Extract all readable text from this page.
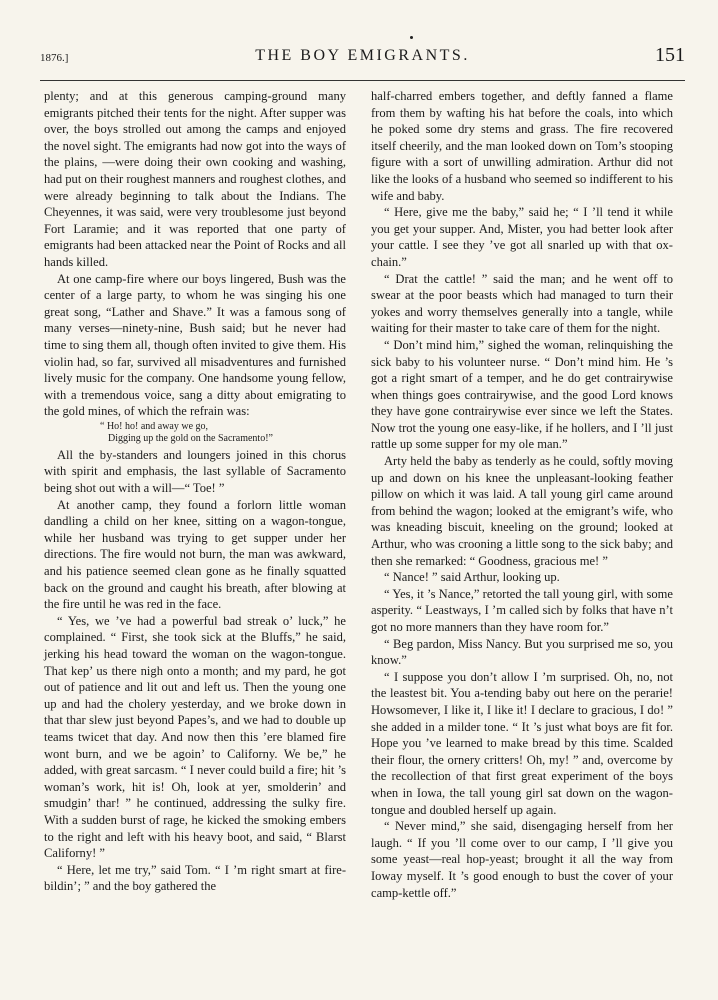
1876.]	THE BOY EMIGRANTS.	151

plenty; and at this generous camping-ground many emigrants pitched their tents for the night. After supper was over, the boys strolled out among the camps and enjoyed the novel sight. The emigrants had now got into the ways of the plains, —were doing their own cooking and washing, had put on their roughest manners and roughest clothes, and were already beginning to talk about the Indians. The Cheyennes, it was said, were very troublesome just beyond Fort Laramie; and it was reported that one party of emigrants had been attacked near the Point of Rocks and all hands killed.

At one camp-fire where our boys lingered, Bush was the center of a large party, to whom he was singing his one great song, “Lather and Shave.” It was a famous song of many verses—ninety-nine, Bush said; but he never had time to sing them all, though often invited to give them. His violin had, so far, survived all misadventures and furnished lively music for the company. One handsome young fellow, with a tremendous voice, sang a ditty about emigrating to the gold mines, of which the refrain was:

“ Ho! ho! and away we go,
Digging up the gold on the Sacramento!”

All the by-standers and loungers joined in this chorus with spirit and emphasis, the last syllable of Sacramento being shot out with a will—“ Toe! ”

At another camp, they found a forlorn little woman dandling a child on her knee, sitting on a wagon-tongue, while her husband was trying to get supper under her directions. The fire would not burn, the man was awkward, and his patience seemed clean gone as he finally squatted back on the ground and caught his breath, after blowing at the fire until he was red in the face.

“ Yes, we ’ve had a powerful bad streak o’ luck,” he complained. “ First, she took sick at the Bluffs,” he said, jerking his head toward the woman on the wagon-tongue. That kep’ us there nigh onto a month; and my pard, he got out of patience and lit out and left us. Then the young one up and had the cholery yesterday, and we broke down in that thar slew just beyond Papes’s, and we had to double up teams twicet that day. And now then this ’ere blamed fire wont burn, and we be agoin’ to Californy. We be,” he added, with great sarcasm. “ I never could build a fire; hit ’s woman’s work, hit is! Oh, look at yer, smolderin’ and smudgin’ thar! ” he continued, addressing the sulky fire. With a sudden burst of rage, he kicked the smoking embers to the right and left with his heavy boot, and said, “ Blarst Californy! ”

“ Here, let me try,” said Tom. “ I ’m right smart at fire-bildin’; ” and the boy gathered the

half-charred embers together, and deftly fanned a flame from them by wafting his hat before the coals, into which he poked some dry stems and grass. The fire recovered itself cheerily, and the man looked down on Tom’s stooping figure with a sort of unwilling admiration. Arthur did not like the looks of a husband who seemed so indifferent to his wife and baby.

“ Here, give me the baby,” said he; “ I ’ll tend it while you get your supper. And, Mister, you had better look after your cattle. I see they ’ve got all snarled up with that ox-chain.”

“ Drat the cattle! ” said the man; and he went off to swear at the poor beasts which had managed to turn their yokes and worry themselves generally into a tangle, while waiting for their master to take care of them for the night.

“ Don’t mind him,” sighed the woman, relinquishing the sick baby to his volunteer nurse. “ Don’t mind him. He ’s got a right smart of a temper, and he do get contrairywise when things goes contrairywise, and the good Lord knows they have gone contrairywise ever since we left the States. Now trot the young one easy-like, if he hollers, and I ’ll just rattle up some supper for my ole man.”

Arty held the baby as tenderly as he could, softly moving up and down on his knee the unpleasant-looking feather pillow on which it was laid. A tall young girl came around from behind the wagon; looked at the emigrant’s wife, who was kneading biscuit, kneeling on the ground; looked at Arthur, who was crooning a little song to the sick baby; and then she remarked: “ Goodness, gracious me! ”

“ Nance! ” said Arthur, looking up.

“ Yes, it ’s Nance,” retorted the tall young girl, with some asperity. “ Leastways, I ’m called sich by folks that have n’t got no more manners than they have room for.”

“ Beg pardon, Miss Nancy. But you surprised me so, you know.”

“ I suppose you don’t allow I ’m surprised. Oh, no, not the leastest bit. You a-tending baby out here on the perarie! Howsomever, I like it, I like it! I declare to gracious, I do! ” she added in a milder tone. “ It ’s just what boys are fit for. Hope you ’ve learned to make bread by this time. Scalded their flour, the ornery critters! Oh, my! ” and, overcome by the recollection of that first great experiment of the boys when in Iowa, the tall young girl sat down on the wagon-tongue and doubled herself up again.

“ Never mind,” she said, disengaging herself from her laugh. “ If you ’ll come over to our camp, I ’ll give you some yeast—real hop-yeast; brought it all the way from Ioway myself. It ’s good enough to bust the cover of your camp-kettle off.”
